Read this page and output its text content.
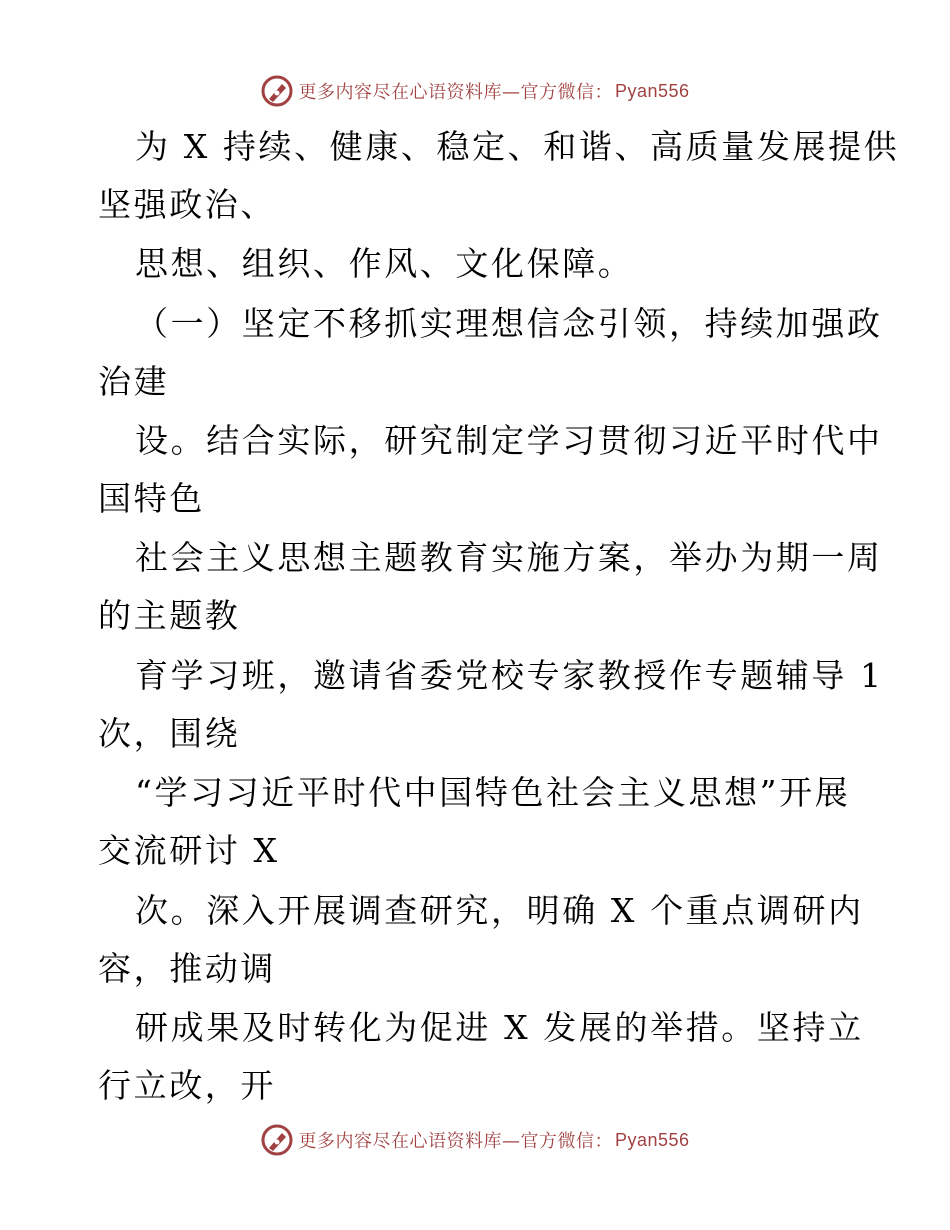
更多内容尽在心语资料库—官方微信： Pyan556
为 X 持续、健康、稳定、和谐、高质量发展提供
坚强政治、
思想、组织、作风、文化保障。
（一）坚定不移抓实理想信念引领，持续加强政
治建
设。结合实际，研究制定学习贯彻习近平时代中
国特色
社会主义思想主题教育实施方案，举办为期一周
的主题教
育学习班，邀请省委党校专家教授作专题辅导 1
次，围绕
“学习习近平时代中国特色社会主义思想”开展
交流研讨 X
次。深入开展调查研究，明确 X 个重点调研内
容，推动调
研成果及时转化为促进 X 发展的举措。坚持立
行立改，开
更多内容尽在心语资料库—官方微信： Pyan556
